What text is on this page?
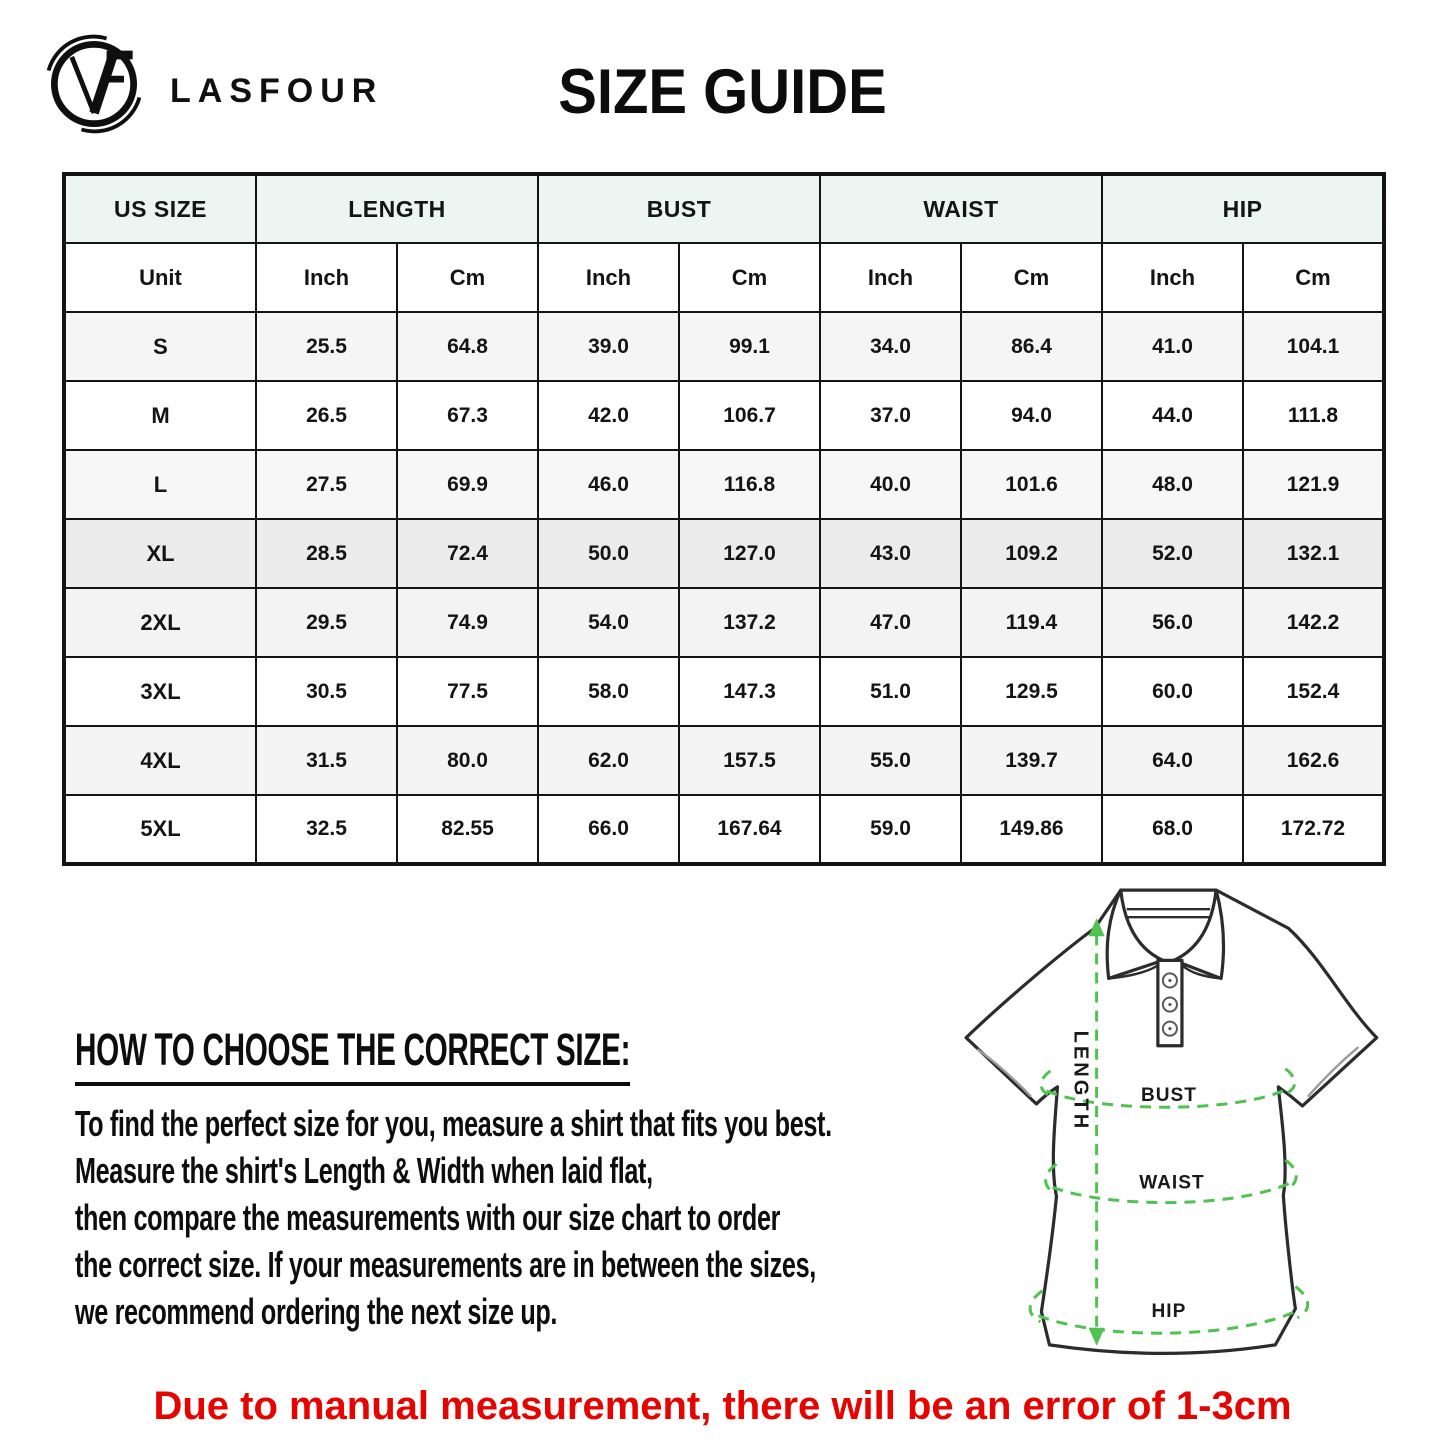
LASFOUR	SIZE GUIDE
US SIZE	LENGTH		BUST		WAIST		HIP	
Unit	Inch	Cm	Inch	Cm	Inch	Cm	Inch	Cm
S	25.5	64.8	39.0	99.1	34.0	86.4	41.0	104.1
M	26.5	67.3	42.0	106.7	37.0	94.0	44.0	111.8
L	27.5	69.9	46.0	116.8	40.0	101.6	48.0	121.9
XL	28.5	72.4	50.0	127.0	43.0	109.2	52.0	132.1
2XL	29.5	74.9	54.0	137.2	47.0	119.4	56.0	142.2
3XL	30.5	77.5	58.0	147.3	51.0	129.5	60.0	152.4
4XL	31.5	80.0	62.0	157.5	55.0	139.7	64.0	162.6
5XL	32.5	82.55	66.0	167.64	59.0	149.86	68.0	172.72
HOW TO CHOOSE THE CORRECT SIZE:
To find the perfect size for you, measure a shirt that fits you best.
Measure the shirt's Length & Width when laid flat,
then compare the measurements with our size chart to order
the correct size. If your measurements are in between the sizes,
we recommend ordering the next size up.
LENGTH	BUST
WAIST
HIP
Due to manual measurement, there will be an error of 1-3cm
